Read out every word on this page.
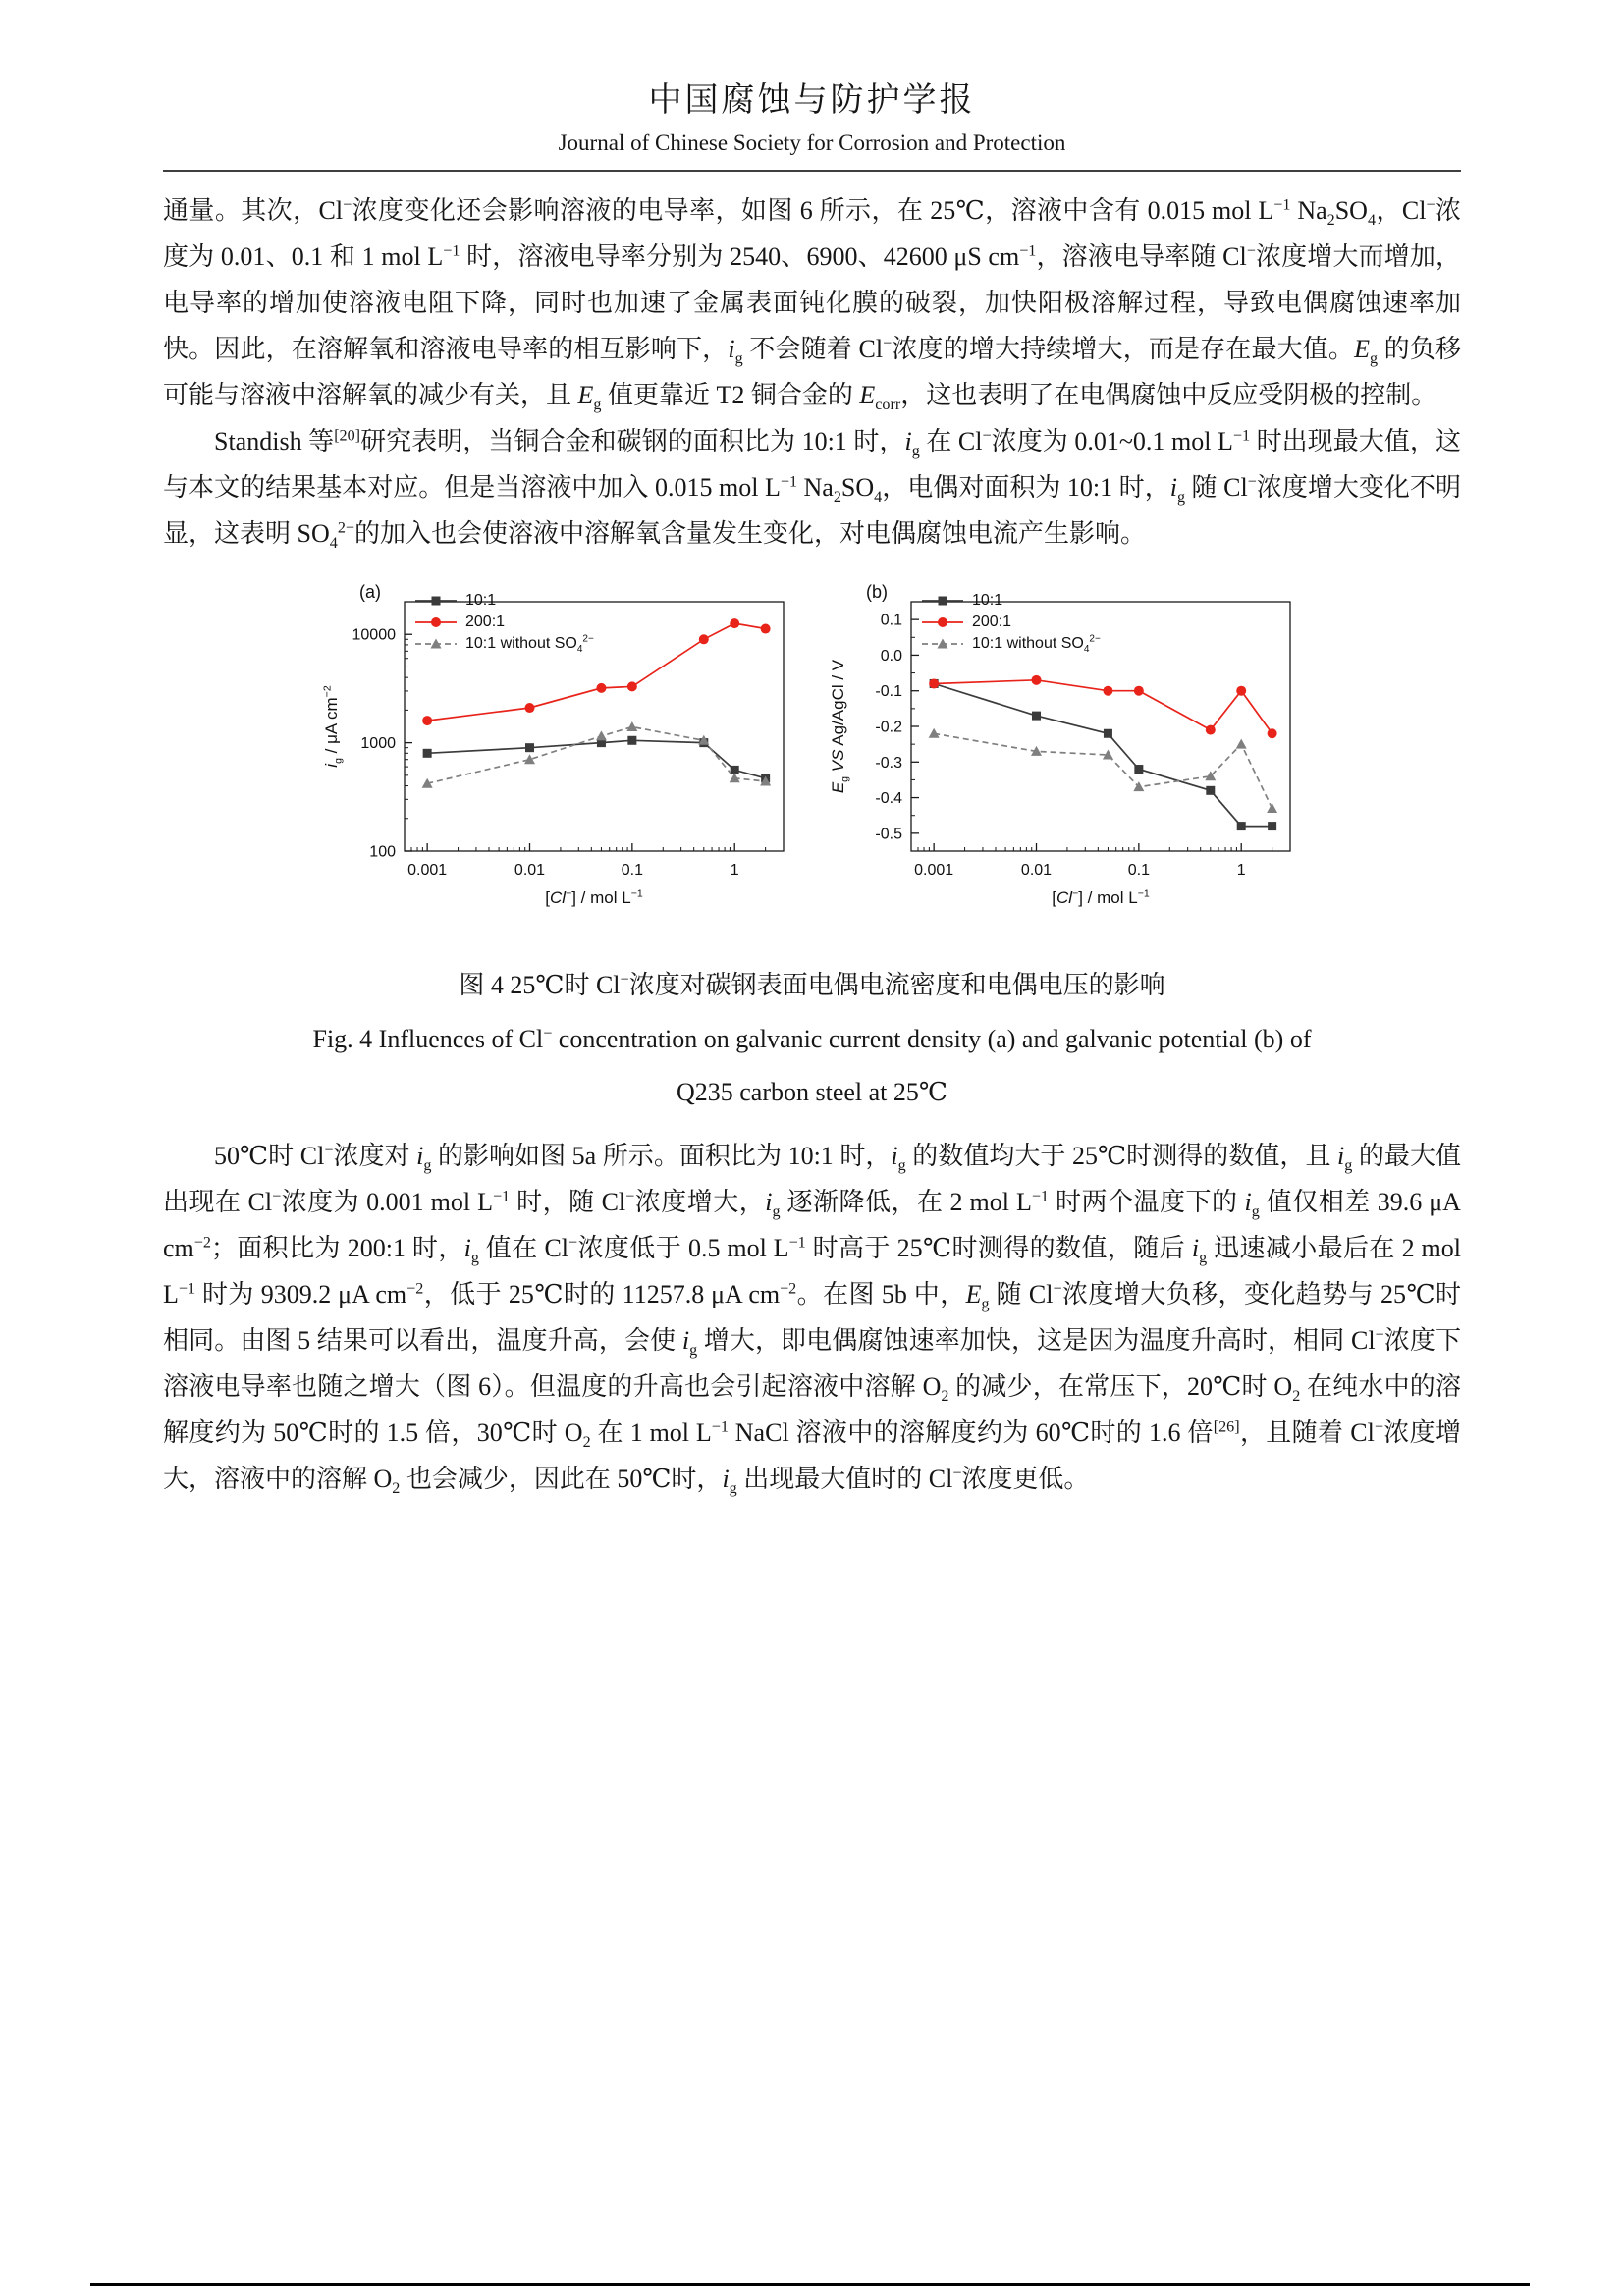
中国腐蚀与防护学报
Journal of Chinese Society for Corrosion and Protection

通量。其次，Cl−浓度变化还会影响溶液的电导率，如图 6 所示，在 25℃，溶液中含有 0.015 mol $L^{-1}$ $Na_2SO_4$，Cl−浓度为 0.01、0.1 和 1 mol $L^{-1}$ 时，溶液电导率分别为 2540、6900、42600 μS $cm^{-1}$，溶液电导率随 Cl−浓度增大而增加，电导率的增加使溶液电阻下降，同时也加速了金属表面钝化膜的破裂，加快阳极溶解过程，导致电偶腐蚀速率加快。因此，在溶解氧和溶液电导率的相互影响下，$i_g$ 不会随着 Cl−浓度的增大持续增大，而是存在最大值。$E_g$ 的负移可能与溶液中溶解氧的减少有关，且 $E_g$ 值更靠近 T2 铜合金的 $E_{corr}$，这也表明了在电偶腐蚀中反应受阴极的控制。

Standish 等[20]研究表明，当铜合金和碳钢的面积比为 10:1 时，$i_g$ 在 Cl−浓度为 0.01~0.1 mol $L^{-1}$ 时出现最大值，这与本文的结果基本对应。但是当溶液中加入 0.015 mol $L^{-1}$ $Na_2SO_4$，电偶对面积为 10:1 时，$i_g$ 随 Cl−浓度增大变化不明显，这表明 $SO_4^{2-}$的加入也会使溶液中溶解氧含量发生变化，对电偶腐蚀电流产生影响。

(a)
$i_g$ / μA $cm^{-2}$
0.001	0.01	0.1	1
100
1000
10000
10:1
200:1
10:1 without $SO_4^{2-}$
[Cl−] / mol $L^{-1}$
(b)
$E_g$ VS Ag/AgCl / V
0.001	0.01	0.1	1
0.1
0.0
-0.1
-0.2
-0.3
-0.4
-0.5
10:1
200:1
10:1 without $SO_4^{2-}$
[Cl−] / mol $L^{-1}$

图 4 25℃时 Cl−浓度对碳钢表面电偶电流密度和电偶电压的影响

Fig. 4 Influences of Cl− concentration on galvanic current density (a) and galvanic potential (b) of

Q235 carbon steel at 25℃

50℃时 Cl−浓度对 $i_g$ 的影响如图 5a 所示。面积比为 10:1 时，$i_g$ 的数值均大于 25℃时测得的数值，且 $i_g$ 的最大值出现在 Cl−浓度为 0.001 mol $L^{-1}$ 时，随 Cl−浓度增大，$i_g$ 逐渐降低，在 2 mol $L^{-1}$ 时两个温度下的 $i_g$ 值仅相差 39.6 μA $cm^{-2}$；面积比为 200:1 时，$i_g$ 值在 Cl−浓度低于 0.5 mol $L^{-1}$ 时高于 25℃时测得的数值，随后 $i_g$ 迅速减小最后在 2 mol $L^{-1}$ 时为 9309.2 μA $cm^{-2}$，低于 25℃时的 11257.8 μA $cm^{-2}$。在图 5b 中，$E_g$ 随 Cl−浓度增大负移，变化趋势与 25℃时相同。由图 5 结果可以看出，温度升高，会使 $i_g$ 增大，即电偶腐蚀速率加快，这是因为温度升高时，相同 Cl−浓度下溶液电导率也随之增大（图 6）。但温度的升高也会引起溶液中溶解 $O_2$ 的减少，在常压下，20℃时 $O_2$ 在纯水中的溶解度约为 50℃时的 1.5 倍，30℃时 $O_2$ 在 1 mol $L^{-1}$ NaCl 溶液中的溶解度约为 60℃时的 1.6 倍[26]，且随着 Cl−浓度增大，溶液中的溶解 $O_2$ 也会减少，因此在 50℃时，$i_g$ 出现最大值时的 Cl−浓度更低。
